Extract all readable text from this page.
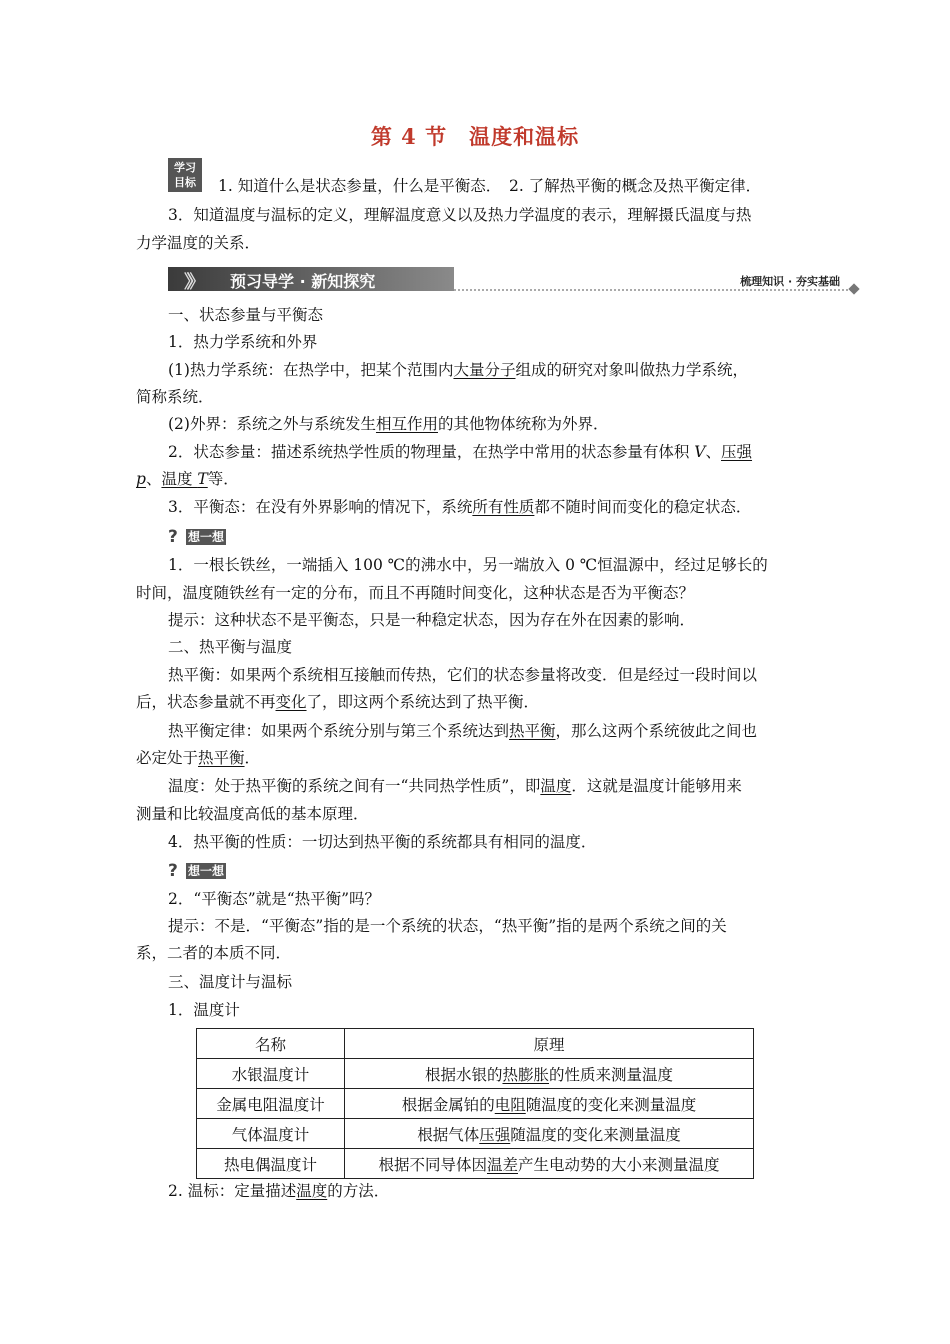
第 4 节 温度和温标
学习
目标	1. 知道什么是状态参量，什么是平衡态．　2. 了解热平衡的概念及热平衡定律．
3．知道温度与温标的定义，理解温度意义以及热力学温度的表示，理解摄氏温度与热
力学温度的关系．
》》 预习导学 · 新知探究	梳理知识 · 夯实基础
一、状态参量与平衡态
1．热力学系统和外界
(1)热力学系统：在热学中，把某个范围内大量分子组成的研究对象叫做热力学系统，
简称系统．
(2)外界：系统之外与系统发生相互作用的其他物体统称为外界．
2．状态参量：描述系统热学性质的物理量，在热学中常用的状态参量有体积 V、压强
p、温度 T等．
3．平衡态：在没有外界影响的情况下，系统所有性质都不随时间而变化的稳定状态．
? 想一想
1．一根长铁丝，一端插入 100 ℃的沸水中，另一端放入 0 ℃恒温源中，经过足够长的
时间，温度随铁丝有一定的分布，而且不再随时间变化，这种状态是否为平衡态？
提示：这种状态不是平衡态，只是一种稳定状态，因为存在外在因素的影响．
二、热平衡与温度
热平衡：如果两个系统相互接触而传热，它们的状态参量将改变．但是经过一段时间以
后，状态参量就不再变化了，即这两个系统达到了热平衡．
热平衡定律：如果两个系统分别与第三个系统达到热平衡，那么这两个系统彼此之间也
必定处于热平衡．
温度：处于热平衡的系统之间有一“共同热学性质”，即温度．这就是温度计能够用来
测量和比较温度高低的基本原理．
4．热平衡的性质：一切达到热平衡的系统都具有相同的温度．
? 想一想
2．“平衡态”就是“热平衡”吗？
提示：不是．“平衡态”指的是一个系统的状态，“热平衡”指的是两个系统之间的关
系，二者的本质不同．
三、温度计与温标
1．温度计
名称	原理
水银温度计	根据水银的热膨胀的性质来测量温度
金属电阻温度计	根据金属铂的电阻随温度的变化来测量温度
气体温度计	根据气体压强随温度的变化来测量温度
热电偶温度计	根据不同导体因温差产生电动势的大小来测量温度
2. 温标：定量描述温度的方法．
